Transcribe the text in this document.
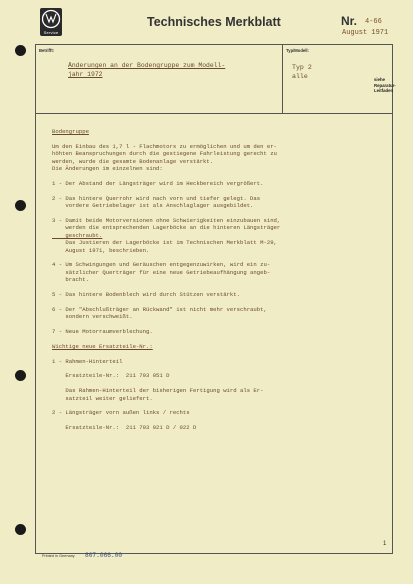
Service
Technisches Merkblatt	Nr. 4-66
August 1971
Betrifft:	Typ/Modell:
Änderungen an der Bodengruppe zum Modell-
jahr 1972
Typ 2
alle	siehe
Reparatur-
Leitfaden
Bodengruppe

Um den Einbau des 1,7 l - Flachmotors zu ermöglichen und um den er-
höhten Beanspruchungen durch die gestiegene Fahrleistung gerecht zu
werden, wurde die gesamte Bodenanlage verstärkt.
Die Änderungen im einzelnen sind:

1 - Der Abstand der Längsträger wird im Heckbereich vergrößert.

2 - Das hintere Querrohr wird nach vorn und tiefer gelegt. Das
vordere Getriebelager ist als Anschlaglager ausgebildet.

3 - Damit beide Motorversionen ohne Schwierigkeiten einzubauen sind,
werden die entsprechenden Lagerböcke an die hinteren Längsträger
geschraubt.
Das Justieren der Lagerböcke ist im Technischen Merkblatt M-29,
August 1971, beschrieben.

4 - Um Schwingungen und Geräuschen entgegenzuwirken, wird ein zu-
sätzlicher Querträger für eine neue Getriebeaufhängung angeb-
bracht.

5 - Das hintere Bodenblech wird durch Stützen verstärkt.

6 - Der "Abschlußträger an Rückwand" ist nicht mehr verschraubt,
sondern verschweißt.

7 - Neue Motorraumverblechung.

Wichtige neue Ersatzteile-Nr.:

1 - Rahmen-Hinterteil

Ersatzteile-Nr.:  211 703 051 D

Das Rahmen-Hinterteil der bisherigen Fertigung wird als Er-
satzteil weiter geliefert.

2 - Längsträger vorn außen links / rechts

Ersatzteile-Nr.:  211 703 021 D / 022 D
Printed in Germany 807.066.00
1
